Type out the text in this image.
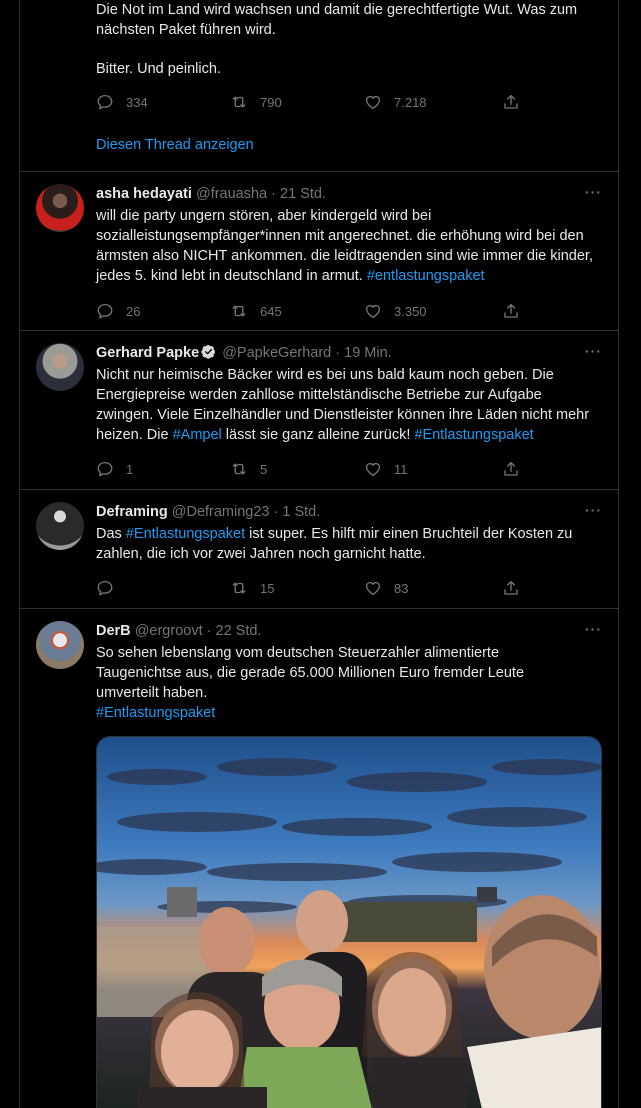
Die Not im Land wird wachsen und damit die gerechtfertigte Wut. Was zum
nächsten Paket führen wird.
Bitter. Und peinlich.
334	790	7.218
Diesen Thread anzeigen
asha hedayati @frauasha · 21 Std.
will die party ungern stören, aber kindergeld wird bei sozialleistungsempfänger*innen mit angerechnet. die erhöhung wird bei den ärmsten also NICHT ankommen. die leidtragenden sind wie immer die kinder, jedes 5. kind lebt in deutschland in armut. #entlastungspaket
···
26	645	3.350
Gerhard Papke @PapkeGerhard · 19 Min.
Nicht nur heimische Bäcker wird es bei uns bald kaum noch geben. Die Energiepreise werden zahllose mittelständische Betriebe zur Aufgabe zwingen. Viele Einzelhändler und Dienstleister können ihre Läden nicht mehr heizen. Die #Ampel lässt sie ganz alleine zurück! #Entlastungspaket
···
1	5	11
Deframing @Deframing23 · 1 Std.
Das #Entlastungspaket ist super. Es hilft mir einen Bruchteil der Kosten zu zahlen, die ich vor zwei Jahren noch garnicht hatte.
···
15	83
DerB @ergroovt · 22 Std.
So sehen lebenslang vom deutschen Steuerzahler alimentierte
Taugenichtse aus, die gerade 65.000 Millionen Euro fremder Leute
umverteilt haben.
#Entlastungspaket
···
